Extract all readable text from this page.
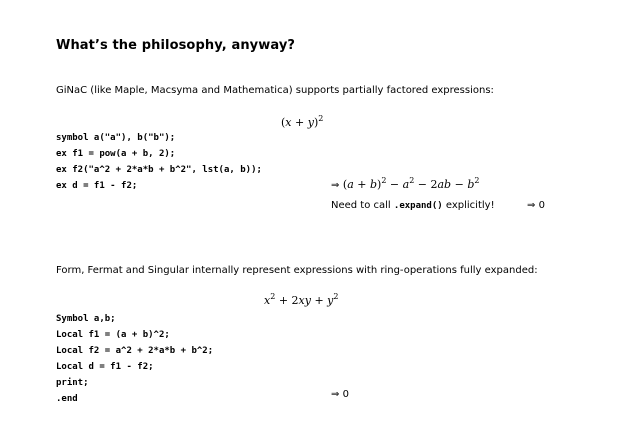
What’s the philosophy, anyway?
GiNaC (like Maple, Macsyma and Mathematica) supports partially factored expressions:
$(x + y)^2$
symbol a("a"), b("b");
ex f1 = pow(a + b, 2);
ex f2("a^2 + 2*a*b + b^2", lst(a, b));
ex d = f1 - f2;	⇒ $(a + b)^2 - a^2 - 2ab - b^2$
Need to call .expand() explicitly!	⇒ 0
Form, Fermat and Singular internally represent expressions with ring-operations fully expanded:
$x^2 + 2xy + y^2$
Symbol a,b;
Local f1 = (a + b)^2;
Local f2 = a^2 + 2*a*b + b^2;
Local d = f1 - f2;
print;
.end	⇒ 0
